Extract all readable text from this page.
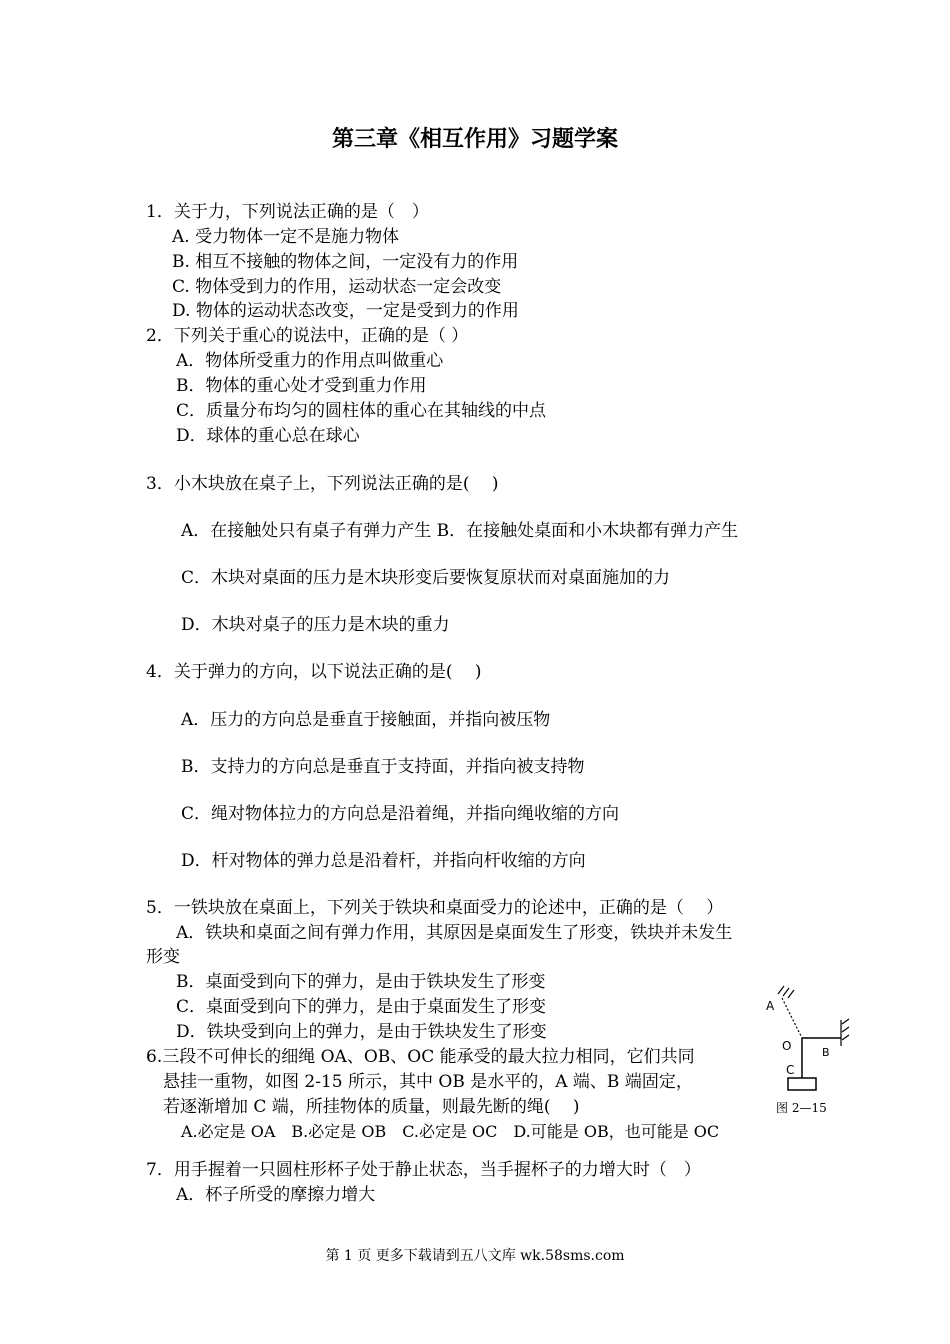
第三章《相互作用》习题学案
1．关于力，下列说法正确的是（　）
A. 受力物体一定不是施力物体
B. 相互不接触的物体之间，一定没有力的作用
C. 物体受到力的作用，运动状态一定会改变
D. 物体的运动状态改变，一定是受到力的作用
2．下列关于重心的说法中，正确的是（ ）
A．物体所受重力的作用点叫做重心
B．物体的重心处才受到重力作用
C．质量分布均匀的圆柱体的重心在其轴线的中点
D．球体的重心总在球心
3．小木块放在桌子上，下列说法正确的是(　 )
A．在接触处只有桌子有弹力产生 B．在接触处桌面和小木块都有弹力产生
C．木块对桌面的压力是木块形变后要恢复原状而对桌面施加的力
D．木块对桌子的压力是木块的重力
4．关于弹力的方向，以下说法正确的是(　 )
A．压力的方向总是垂直于接触面，并指向被压物
B．支持力的方向总是垂直于支持面，并指向被支持物
C．绳对物体拉力的方向总是沿着绳，并指向绳收缩的方向
D．杆对物体的弹力总是沿着杆，并指向杆收缩的方向
5．一铁块放在桌面上，下列关于铁块和桌面受力的论述中，正确的是（　 ）
A．铁块和桌面之间有弹力作用，其原因是桌面发生了形变，铁块并未发生
形变
B．桌面受到向下的弹力，是由于铁块发生了形变
C．桌面受到向下的弹力，是由于桌面发生了形变
D．铁块受到向上的弹力，是由于铁块发生了形变
6.三段不可伸长的细绳 OA、OB、OC 能承受的最大拉力相同，它们共同
悬挂一重物，如图 2-15 所示，其中 OB 是水平的，A 端、B 端固定，
若逐渐增加 C 端，所挂物体的质量，则最先断的绳(　 )
A.必定是 OA　B.必定是 OB　C.必定是 OC　D.可能是 OB，也可能是 OC
A
O	B
C
图 2—15
7．用手握着一只圆柱形杯子处于静止状态，当手握杯子的力增大时（　）
A．杯子所受的摩擦力增大
第 1 页 更多下载请到五八文库 wk.58sms.com
